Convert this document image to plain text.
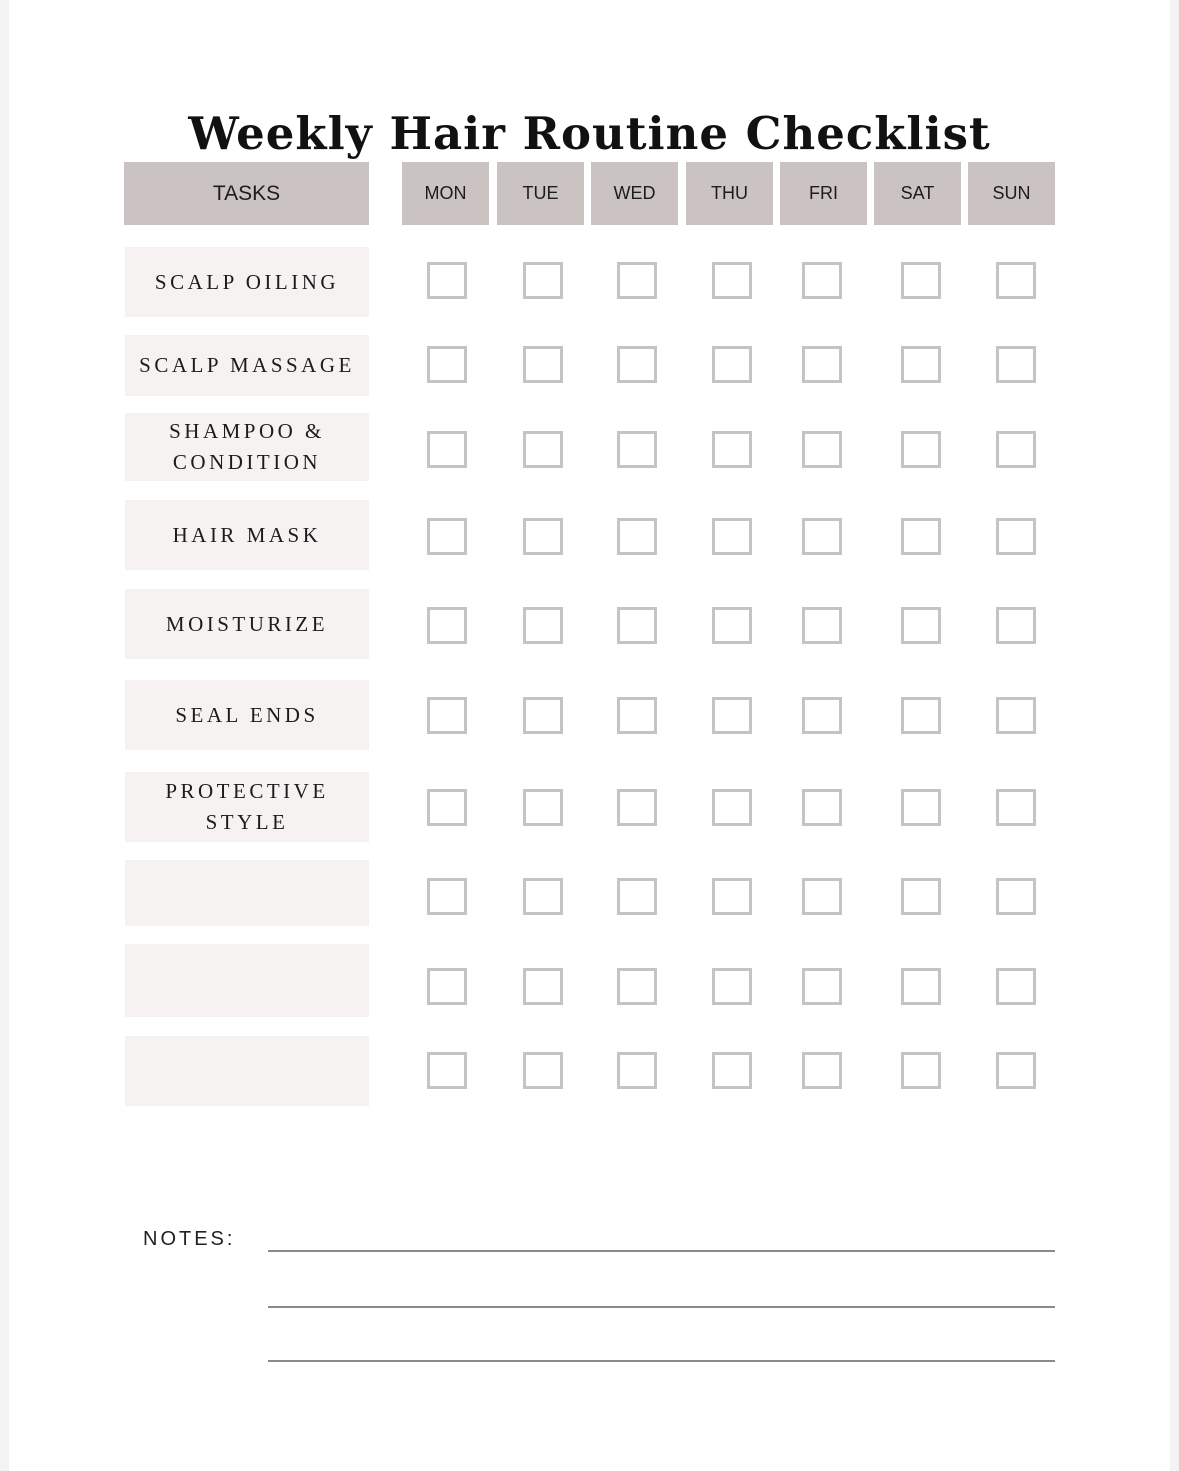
Weekly Hair Routine Checklist
TASKS	MON	TUE	WED	THU	FRI	SAT	SUN
SCALP OILING
SCALP MASSAGE
SHAMPOO & CONDITION
HAIR MASK
MOISTURIZE
SEAL ENDS
PROTECTIVE STYLE
NOTES:
